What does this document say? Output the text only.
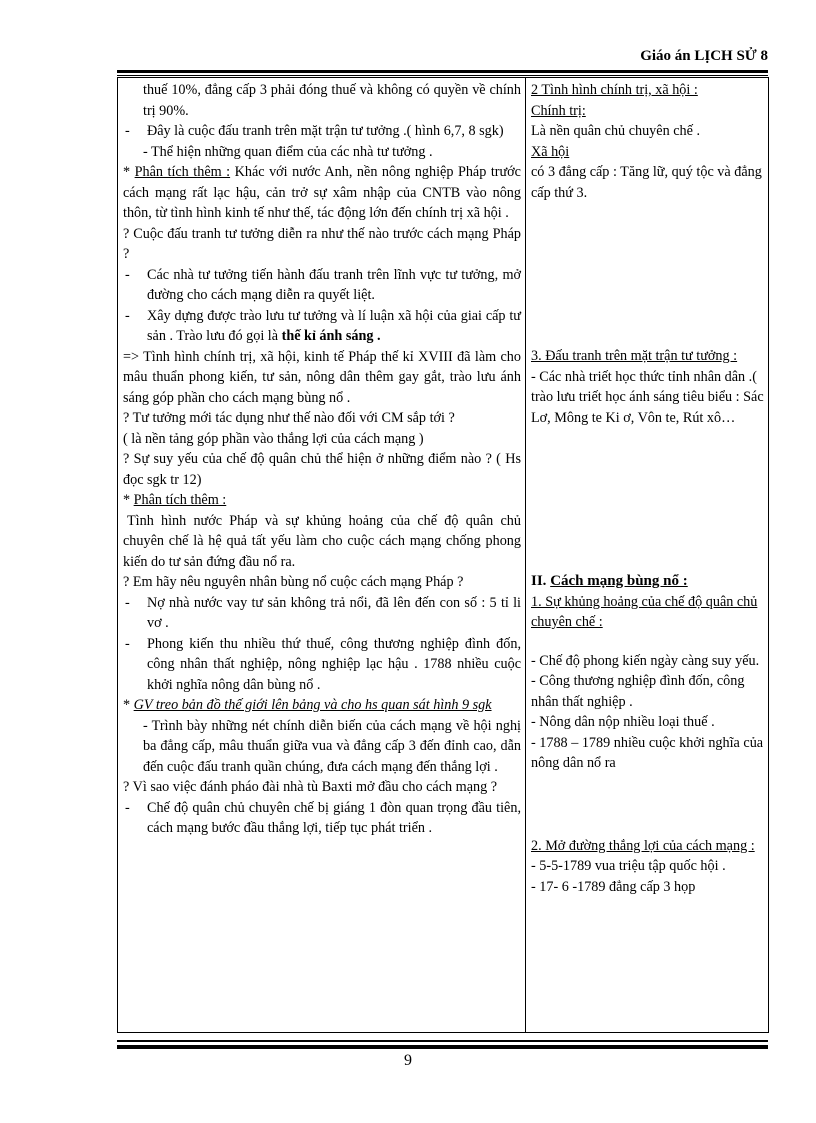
Giáo án LỊCH SỬ 8
thuế 10%, đẳng cấp 3 phải đóng thuế và không có quyền về chính trị 90%.
- Đây là cuộc đấu tranh trên mặt trận tư tưởng .( hình 6,7, 8 sgk)
- Thể hiện những quan điểm của các nhà tư tưởng .
* Phân tích thêm : Khác với nước Anh, nền nông nghiệp Pháp trước cách mạng rất lạc hậu, cản trở sự xâm nhập của CNTB vào nông thôn, từ tình hình kinh tế như thế, tác động lớn đến chính trị xã hội .
? Cuộc đấu tranh tư tưởng diễn ra như thế nào trước cách mạng Pháp ?
- Các nhà tư tưởng tiến hành đấu tranh trên lĩnh vực tư tưởng, mở đường cho cách mạng diễn ra quyết liệt.
- Xây dựng được trào lưu tư tưởng và lí luận xã hội của giai cấp tư sản . Trào lưu đó gọi là thế kỉ ánh sáng .
=> Tình hình chính trị, xã hội, kinh tế Pháp thế kỉ XVIII đã làm cho mâu thuẩn phong kiến, tư sản, nông dân thêm gay gắt, trào lưu ánh sáng góp phần cho cách mạng bùng nổ .
? Tư tưởng mới tác dụng như thế nào đối với CM sắp tới ?
( là nền tảng góp phần vào thắng lợi của cách mạng )
? Sự suy yếu của chế độ quân chủ thể hiện ở những điểm nào ? ( Hs đọc sgk tr 12)
* Phân tích thêm :
Tình hình nước Pháp và sự khủng hoảng của chế độ quân chủ chuyên chế là hệ quả tất yếu làm cho cuộc cách mạng chống phong kiến do tư sản đứng đầu nổ ra.
? Em hãy nêu nguyên nhân bùng nổ cuộc cách mạng Pháp ?
- Nợ nhà nước vay tư sản không trả nổi, đã lên đến con số : 5 tỉ li vơ .
- Phong kiến thu nhiều thứ thuế, công thương nghiệp đình đốn, công nhân thất nghiệp, nông nghiệp lạc hậu . 1788 nhiều cuộc khởi nghĩa nông dân bùng nổ .
* GV treo bản đồ thế giới lên bảng và cho hs quan sát hình 9 sgk
- Trình bày những nét chính diễn biến của cách mạng về hội nghị ba đẳng cấp, mâu thuẩn giữa vua và đẳng cấp 3 đến đỉnh cao, dẫn đến cuộc đấu tranh quần chúng, đưa cách mạng đến thắng lợi .
? Vì sao việc đánh pháo đài nhà tù Baxti mở đầu cho cách mạng ?
- Chế độ quân chủ chuyên chế bị giáng 1 đòn quan trọng đầu tiên, cách mạng bước đầu thắng lợi, tiếp tục phát triển .

2 Tình hình chính trị, xã hội :
Chính trị:
Là nền quân chủ chuyên chế .
Xã hội
có 3 đẳng cấp : Tăng lữ, quý tộc và đẳng cấp thứ 3.
3. Đấu tranh trên mặt trận tư tưởng :
- Các nhà triết học thức tỉnh nhân dân .( trào lưu triết học ánh sáng tiêu biểu : Sác Lơ, Mông te Ki ơ, Vôn te, Rút xô…
II. Cách mạng bùng nổ :
1. Sự khủng hoảng của chế độ quân chủ chuyên chế :
- Chế độ phong kiến ngày càng suy yếu.
- Công thương nghiệp đình đốn, công nhân thất nghiệp .
- Nông dân nộp nhiều loại thuế .
- 1788 – 1789 nhiều cuộc khởi nghĩa của nông dân nổ ra
2. Mở đường thắng lợi của cách mạng :
- 5-5-1789 vua triệu tập quốc hội .
- 17- 6 -1789 đẳng cấp 3 họp
9
